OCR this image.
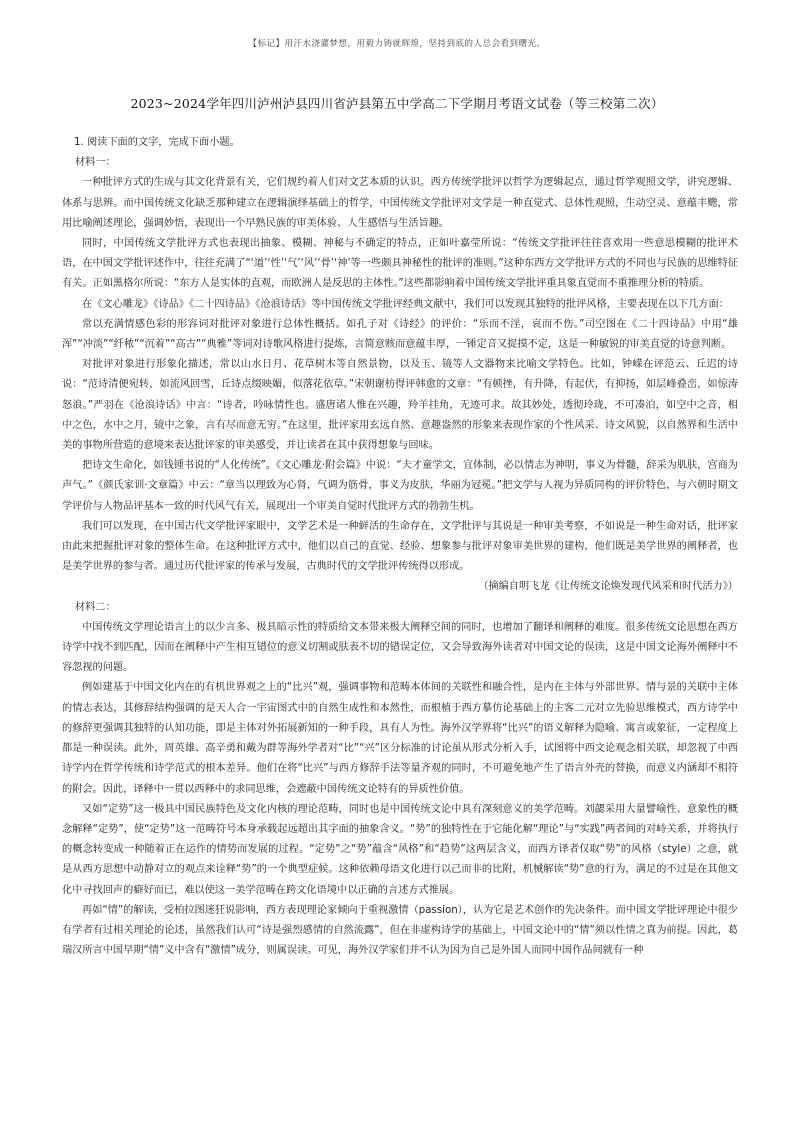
【标记】用汗水浇灌梦想，用毅力铸就辉煌，坚持到底的人总会看到曙光。
2023~2024学年四川泸州泸县四川省泸县第五中学高二下学期月考语文试卷（等三校第二次）

1. 阅读下面的文字，完成下面小题。

材料一：

一种批评方式的生成与其文化背景有关，它们规约着人们对文艺本质的认识。西方传统学批评以哲学为逻辑起点，通过哲学观照文学，讲究逻辑、体系与思辨。而中国传统文化缺乏那种建立在逻辑演绎基础上的哲学，中国传统文学批评对文学是一种直觉式、总体性观照，生动空灵、意蕴丰赡，常用比喻阐述理论，强调妙悟，表现出一个早熟民族的审美体验、人生感悟与生活旨趣。

同时，中国传统文学批评方式也表现出抽象、模糊、神秘与不确定的特点，正如叶嘉莹所说：“传统文学批评往往喜欢用一些意思模糊的批评术语，在中国文学批评述作中，往往充满了“‘道’‘性’‘气’‘风’‘骨’‘神’等一些颇具神秘性的批评的准则。”这种东西方文学批评方式的不同也与民族的思维特征有关。正如黑格尔所说：“东方人是实体的直观，而欧洲人是反思的主体性。”这些都影响着中国传统文学批评重具象直觉而不重推理分析的特质。

在《文心雕龙》《诗品》《二十四诗品》《沧浪诗话》等中国传统文学批评经典文献中，我们可以发现其独特的批评风格，主要表现在以下几方面：

常以充满情感色彩的形容词对批评对象进行总体性概括。如孔子对《诗经》的评价：“乐而不淫，哀而不伤。”司空图在《二十四诗品》中用“雄浑”“冲淡”“纤秾”“沉着”“高古”“典雅”等词对诗歌风格进行提炼，言简意赅而意蕴丰厚，一锤定音又捉摸不定，这是一种敏锐的审美直觉的诗意判断。

对批评对象进行形象化描述，常以山水日月、花草树木等自然景物，以及玉、镜等人文器物来比喻文学特色。比如，钟嵘在评范云、丘迟的诗说：“范诗清便宛转，如流风回雪，丘诗点缀映媚，似落花依草。”宋朝谢枋得评韩愈的文章：“有顿挫，有升降，有起伏，有抑扬，如层峰叠峦，如惊涛怒浪。”严羽在《沧浪诗话》中言：“诗者，吟咏情性也。盛唐诸人惟在兴趣，羚羊挂角，无迹可求。故其妙处，透彻玲珑，不可凑泊，如空中之音，相中之色，水中之月，镜中之象，言有尽而意无穷。”在这里，批评家用玄远自然、意趣盎然的形象来表现作家的个性风采、诗文风貌，以自然界和生活中美的事物所营造的意境来表达批评家的审美感受，并让读者在其中获得想象与回味。

把诗文生命化，如钱锺书说的“人化传统”。《文心雕龙·附会篇》中说：“夫才童学文，宜体制，必以情志为神明，事义为骨髓，辞采为肌肤，宫商为声气。”《颜氏家训·文章篇》中云：“章当以理致为心肾，气调为筋骨，事义为皮肤，华丽为冠冕。”把文学与人视为异质同构的评价特色，与六朝时期文学评价与人物品评基本一致的时代风气有关，展现出一个审美自觉时代批评方式的勃勃生机。

我们可以发现，在中国古代文学批评家眼中，文学艺术是一种鲜活的生命存在，文学批评与其说是一种审美考察，不如说是一种生命对话，批评家由此来把握批评对象的整体生命。在这种批评方式中，他们以自己的直觉、经验、想象参与批评对象审美世界的建构，他们既是美学世界的阐释者，也是美学世界的参与者。通过历代批评家的传承与发展，古典时代的文学批评传统得以形成。

（摘编自明飞龙《让传统文论焕发现代风采和时代活力》）

材料二：

中国传统文学理论语言上的以少言多、极具暗示性的特质给文本带来极大阐释空间的同时，也增加了翻译和阐释的难度。很多传统文论思想在西方诗学中找不到匹配，因而在阐释中产生相互错位的意义切割或肤表不切的错误定位，又会导致海外读者对中国文论的误读，这是中国文论海外阐释中不容忽视的问题。

例如建基于中国文化内在的有机世界观之上的“比兴”观，强调事物和范畴本体间的关联性和融合性，是内在主体与外部世界、情与景的关联中主体的情志表达，其修辞结构强调的是天人合一宇宙图式中的自然生成性和本然性，而根植于西方摹仿论基础上的主客二元对立先验思维模式，西方诗学中的修辞更强调其独特的认知功能，即是主体对外拓展新知的一种手段，具有人为性。海外汉学界将“比兴”的语义解释为隐喻、寓言或象征，一定程度上都是一种误读。此外，周英雄、高辛勇和戴为群等海外学者对“比”“兴”区分标准的讨论虽从形式分析入手，试图将中西文论观念相关联，却忽视了中西诗学内在哲学传统和诗学范式的根本差异。他们在将“比兴”与西方修辞手法等量齐观的同时，不可避免地产生了语言外壳的替换，而意义内涵却不相符的附会。因此，译释中一贯以西释中的求同思维，会遮蔽中国传统文论特有的异质性价值。

又如“定势”这一极具中国民族特色及文化内核的理论范畴，同时也是中国传统文论中具有深刻意义的美学范畴。刘勰采用大量譬喻性、意象性的概念解释“定势”，使“定势”这一范畴符号本身承载起远超出其字面的抽象含义。“势”的独特性在于它能化解“理论”与“实践”两者间的对峙关系，并将执行的概念转变成一种随着正在运作的情势而发展的过程。“定势”之“势”蕴含“风格”和“趋势”这两层含义，而西方译者仅取“势”的风格（style）之意，就是从西方思想中动静对立的观点来诠释“势”的一个典型症候。这种依赖母语文化进行以己而非的比附，机械解读“势”意的行为，满足的不过是在其他文化中寻找回声的癖好而已，难以使这一美学范畴在跨文化语境中以正确的言述方式推展。

再如“情”的解读，受柏拉图迷狂说影响，西方表现理论家倾向于重视激情（passion），认为它是艺术创作的先决条件。而中国文学批评理论中很少有学者有过相关理论的论述，虽然我们认可“诗是强烈感情的自然流露”，但在非虚构诗学的基础上，中国文论中的“情”须以性情之真为前提。因此，葛瑞汉所言中国早期“情”义中含有“激情”成分，则属误读。可见，海外汉学家们并不认为因为自己是外国人而同中国作品间就有一种
